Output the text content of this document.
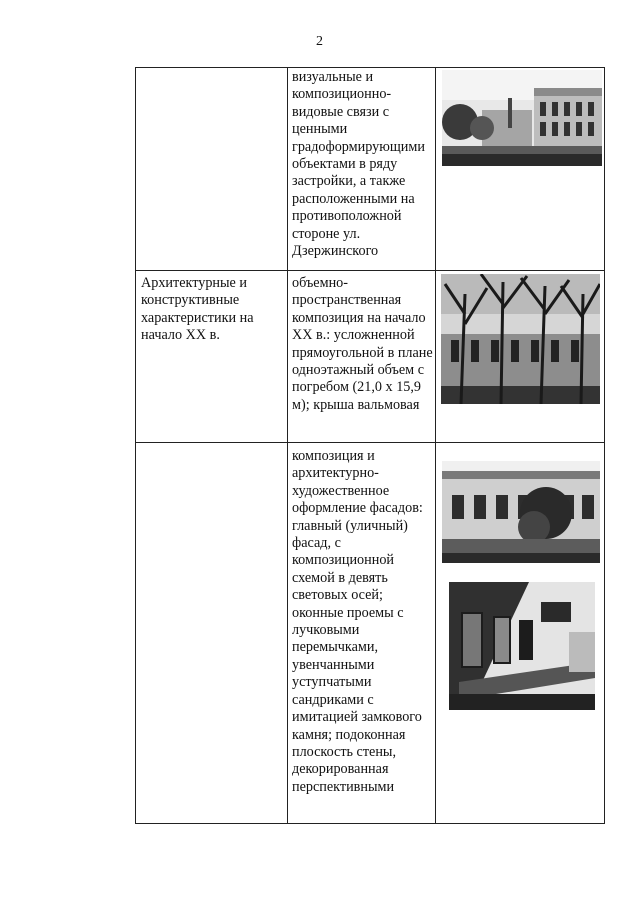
2
визуальные и композиционно-видовые связи с ценными градоформирующими объектами в ряду застройки, а также расположенными на противоположной стороне ул. Дзержинского
Архитектурные и конструктивные характеристики на начало XX в.
объемно-пространственная композиция на начало XX в.: усложненной прямоугольной в плане одноэтажный объем с погребом (21,0 х 15,9 м); крыша вальмовая
композиция и архитектурно-художественное оформление фасадов: главный (уличный) фасад, с композиционной схемой в девять световых осей; оконные проемы с лучковыми перемычками, увенчанными уступчатыми сандриками с имитацией замкового камня; подоконная плоскость стены, декорированная перспективными
